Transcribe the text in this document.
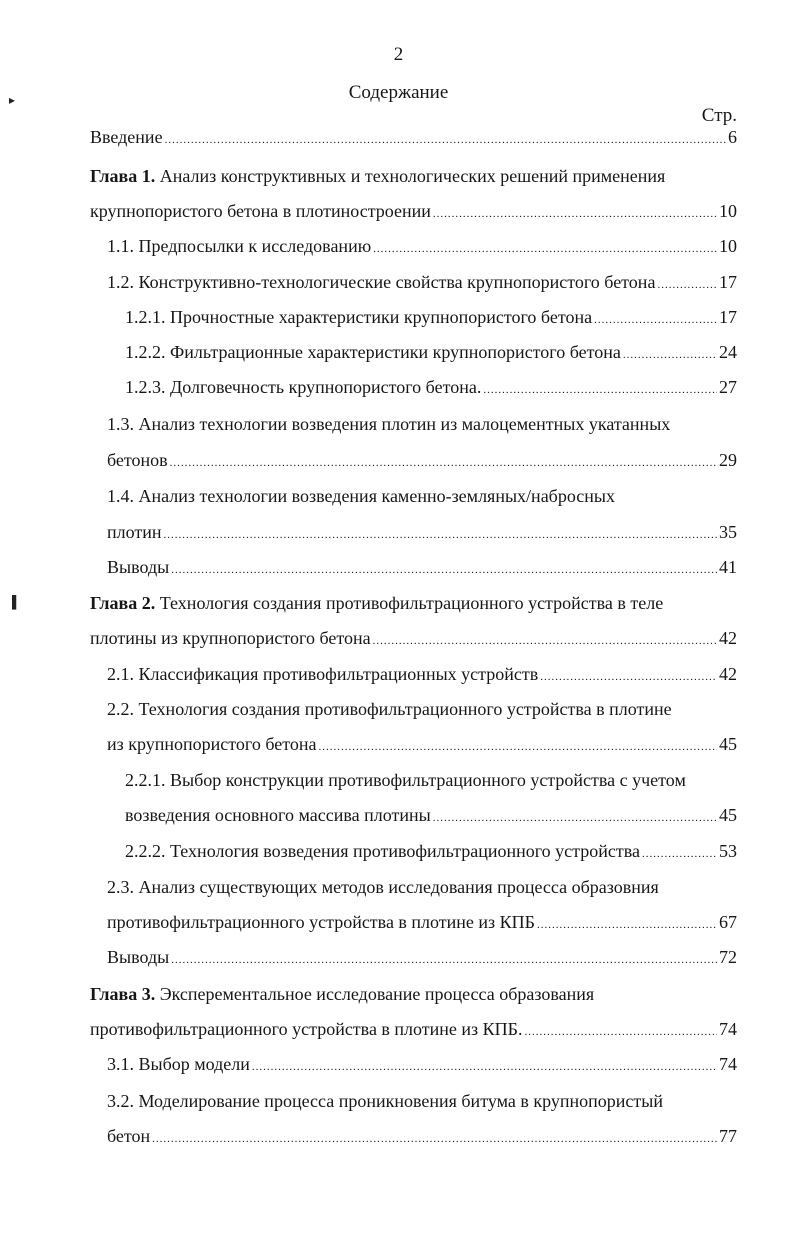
2
Содержание
Стр.
▸
▌
Введение .....	6
Глава 1. Анализ конструктивных и технологических решений применения
крупнопористого бетона в плотиностроении .....	10
1.1. Предпосылки к исследованию .....	10
1.2. Конструктивно-технологические свойства крупнопористого бетона .....	17
1.2.1. Прочностные характеристики крупнопористого бетона .....	17
1.2.2. Фильтрационные характеристики крупнопористого бетона .....	24
1.2.3. Долговечность крупнопористого бетона. .....	27
1.3. Анализ технологии возведения плотин из малоцементных укатанных
бетонов .....	29
1.4. Анализ технологии возведения каменно-земляных/набросных
плотин .....	35
Выводы .....	41
Глава 2. Технология создания противофильтрационного устройства в теле
плотины из крупнопористого бетона .....	42
2.1. Классификация противофильтрационных устройств .....	42
2.2. Технология создания противофильтрационного устройства в плотине
из крупнопористого бетона .....	45
2.2.1. Выбор конструкции противофильтрационного устройства с учетом
возведения основного массива плотины .....	45
2.2.2. Технология возведения противофильтрационного устройства .....	53
2.3. Анализ существующих методов исследования процесса образовния
противофильтрационного устройства в плотине из КПБ .....	67
Выводы .....	72
Глава 3. Эксперементальное исследование процесса образования
противофильтрационного устройства в плотине из КПБ. .....	74
3.1. Выбор модели .....	74
3.2. Моделирование процесса проникновения битума в крупнопористый
бетон .....	77
